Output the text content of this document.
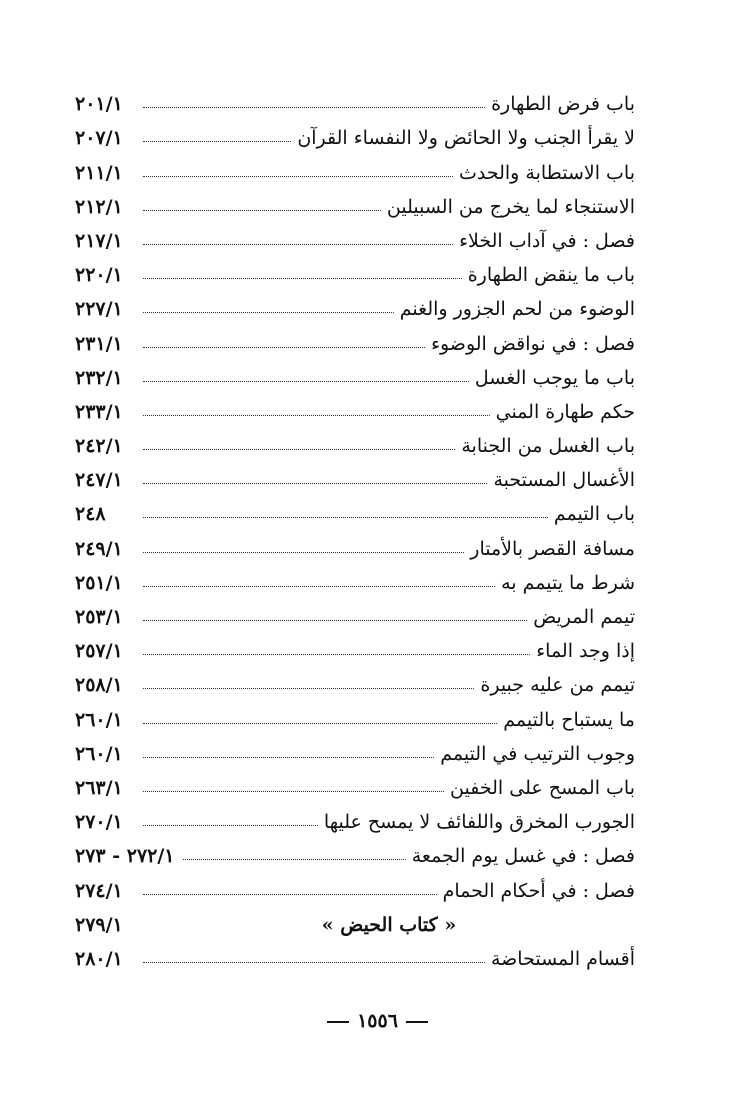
باب فرض الطهارة
٢٠١/١
لا يقرأ الجنب ولا الحائض ولا النفساء القرآن
٢٠٧/١
باب الاستطابة والحدث
٢١١/١
الاستنجاء لما يخرج من السبيلين
٢١٢/١
فصل : في آداب الخلاء
٢١٧/١
باب ما ينقض الطهارة
٢٢٠/١
الوضوء من لحم الجزور والغنم
٢٢٧/١
فصل : في نواقض الوضوء
٢٣١/١
باب ما يوجب الغسل
٢٣٢/١
حكم طهارة المني
٢٣٣/١
باب الغسل من الجنابة
٢٤٢/١
الأغسال المستحبة
٢٤٧/١
باب التيمم
٢٤٨
مسافة القصر بالأمتار
٢٤٩/١
شرط ما يتيمم به
٢٥١/١
تيمم المريض
٢٥٣/١
إذا وجد الماء
٢٥٧/١
تيمم من عليه جبيرة
٢٥٨/١
ما يستباح بالتيمم
٢٦٠/١
وجوب الترتيب في التيمم
٢٦٠/١
باب المسح على الخفين
٢٦٣/١
الجورب المخرق واللفائف لا يمسح عليها
٢٧٠/١
فصل : في غسل يوم الجمعة
٢٧٢/١ - ٢٧٣
فصل : في أحكام الحمام
٢٧٤/١
« كتاب الحيض »
٢٧٩/١
أقسام المستحاضة
٢٨٠/١
١٥٥٦
